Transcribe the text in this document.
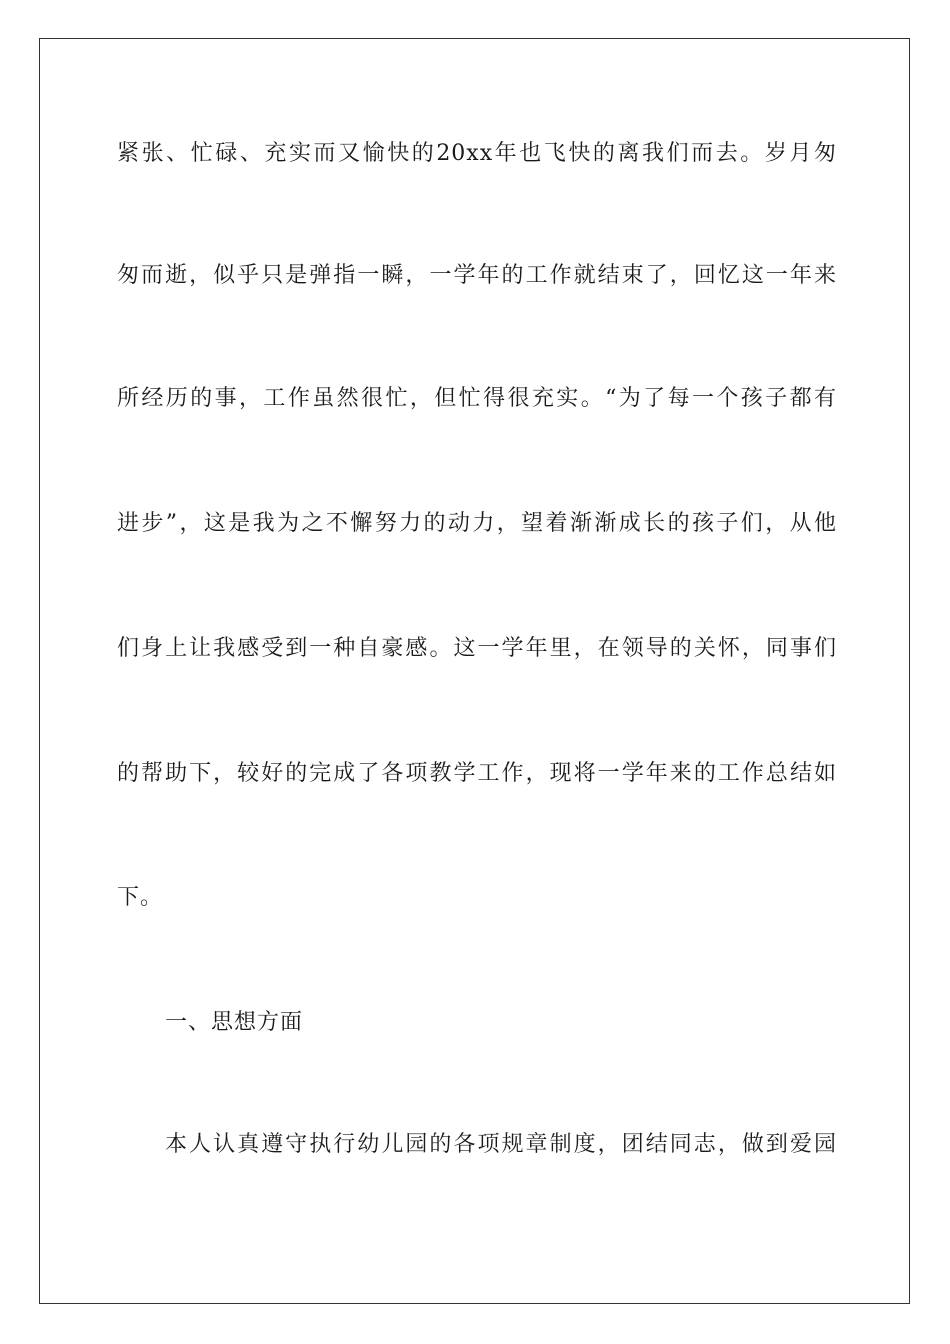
紧张、忙碌、充实而又愉快的20xx年也飞快的离我们而去。岁月匆
匆而逝，似乎只是弹指一瞬，一学年的工作就结束了，回忆这一年来
所经历的事，工作虽然很忙，但忙得很充实。“为了每一个孩子都有
进步”，这是我为之不懈努力的动力，望着渐渐成长的孩子们，从他
们身上让我感受到一种自豪感。这一学年里，在领导的关怀，同事们
的帮助下，较好的完成了各项教学工作，现将一学年来的工作总结如
下。
一、思想方面
本人认真遵守执行幼儿园的各项规章制度，团结同志，做到爱园
